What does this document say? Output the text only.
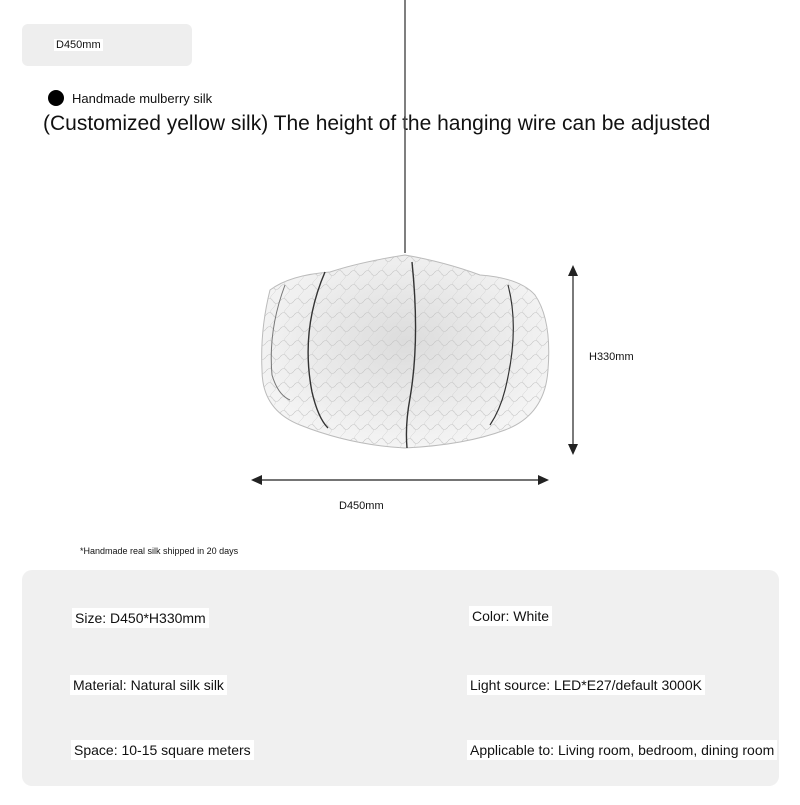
D450mm
Handmade mulberry silk
(Customized yellow silk) The height of the hanging wire can be adjusted
H330mm
D450mm
*Handmade real silk shipped in 20 days
Size: D450*H330mm	Color: White
Material: Natural silk silk	Light source: LED*E27/default 3000K
Space: 10-15 square meters	Applicable to: Living room, bedroom, dining room
